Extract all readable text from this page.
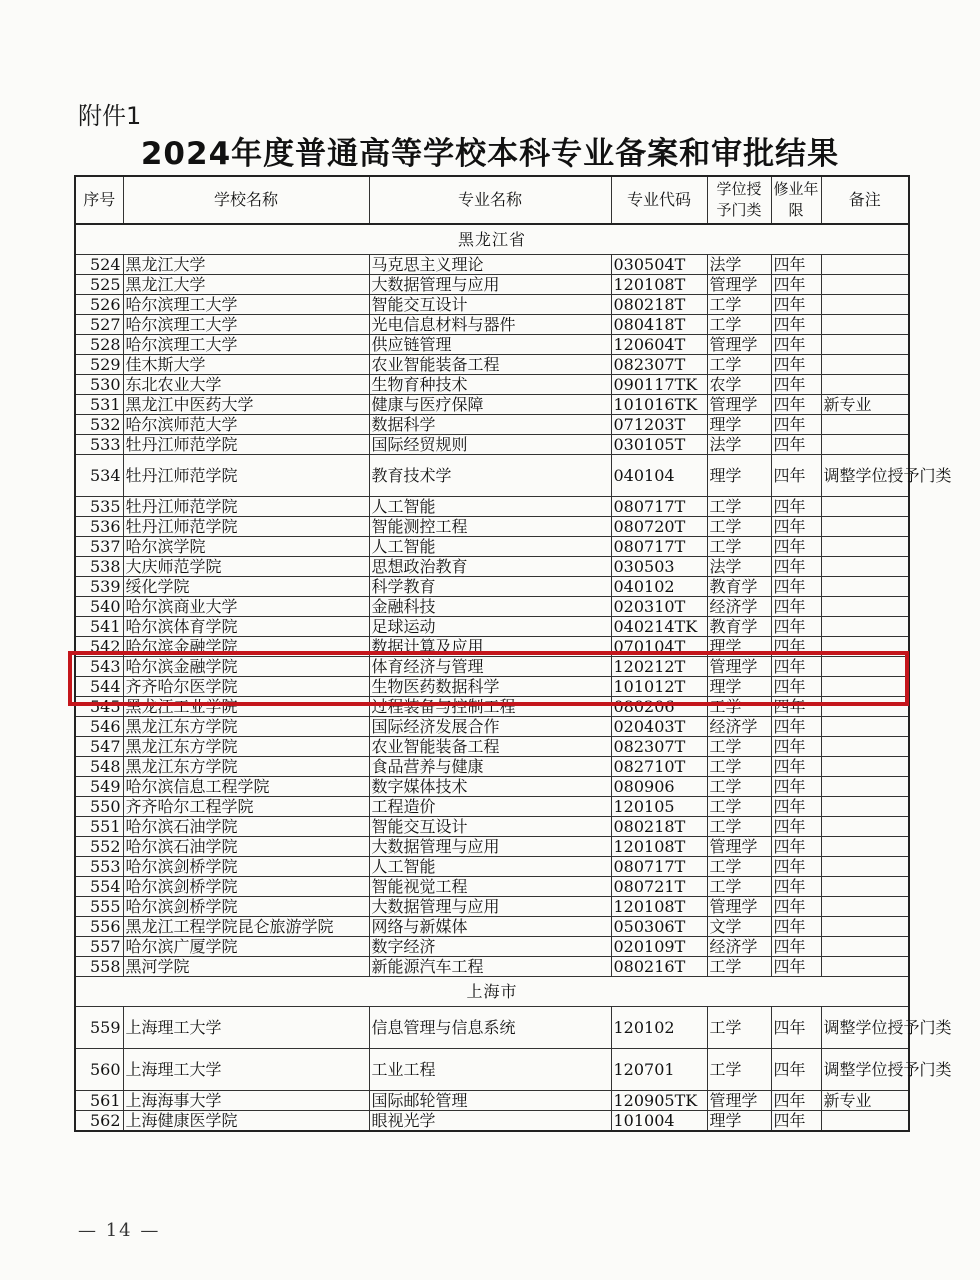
附件1
2024年度普通高等学校本科专业备案和审批结果
序号	学校名称	专业名称	专业代码	学位授予门类	修业年限	备注
黑龙江省						
524	黑龙江大学	马克思主义理论	030504T	法学	四年	
525	黑龙江大学	大数据管理与应用	120108T	管理学	四年	
526	哈尔滨理工大学	智能交互设计	080218T	工学	四年	
527	哈尔滨理工大学	光电信息材料与器件	080418T	工学	四年	
528	哈尔滨理工大学	供应链管理	120604T	管理学	四年	
529	佳木斯大学	农业智能装备工程	082307T	工学	四年	
530	东北农业大学	生物育种技术	090117TK	农学	四年	
531	黑龙江中医药大学	健康与医疗保障	101016TK	管理学	四年	新专业
532	哈尔滨师范大学	数据科学	071203T	理学	四年	
533	牡丹江师范学院	国际经贸规则	030105T	法学	四年	
534	牡丹江师范学院	教育技术学	040104	理学	四年	调整学位授予门类
535	牡丹江师范学院	人工智能	080717T	工学	四年	
536	牡丹江师范学院	智能测控工程	080720T	工学	四年	
537	哈尔滨学院	人工智能	080717T	工学	四年	
538	大庆师范学院	思想政治教育	030503	法学	四年	
539	绥化学院	科学教育	040102	教育学	四年	
540	哈尔滨商业大学	金融科技	020310T	经济学	四年	
541	哈尔滨体育学院	足球运动	040214TK	教育学	四年	
542	哈尔滨金融学院	数据计算及应用	070104T	理学	四年	
543	哈尔滨金融学院	体育经济与管理	120212T	管理学	四年	
544	齐齐哈尔医学院	生物医药数据科学	101012T	理学	四年	
545	黑龙江工业学院	过程装备与控制工程	080206	工学	四年	
546	黑龙江东方学院	国际经济发展合作	020403T	经济学	四年	
547	黑龙江东方学院	农业智能装备工程	082307T	工学	四年	
548	黑龙江东方学院	食品营养与健康	082710T	工学	四年	
549	哈尔滨信息工程学院	数字媒体技术	080906	工学	四年	
550	齐齐哈尔工程学院	工程造价	120105	工学	四年	
551	哈尔滨石油学院	智能交互设计	080218T	工学	四年	
552	哈尔滨石油学院	大数据管理与应用	120108T	管理学	四年	
553	哈尔滨剑桥学院	人工智能	080717T	工学	四年	
554	哈尔滨剑桥学院	智能视觉工程	080721T	工学	四年	
555	哈尔滨剑桥学院	大数据管理与应用	120108T	管理学	四年	
556	黑龙江工程学院昆仑旅游学院	网络与新媒体	050306T	文学	四年	
557	哈尔滨广厦学院	数字经济	020109T	经济学	四年	
558	黑河学院	新能源汽车工程	080216T	工学	四年	
上海市						
559	上海理工大学	信息管理与信息系统	120102	工学	四年	调整学位授予门类
560	上海理工大学	工业工程	120701	工学	四年	调整学位授予门类
561	上海海事大学	国际邮轮管理	120905TK	管理学	四年	新专业
562	上海健康医学院	眼视光学	101004	理学	四年	
— 14 —
